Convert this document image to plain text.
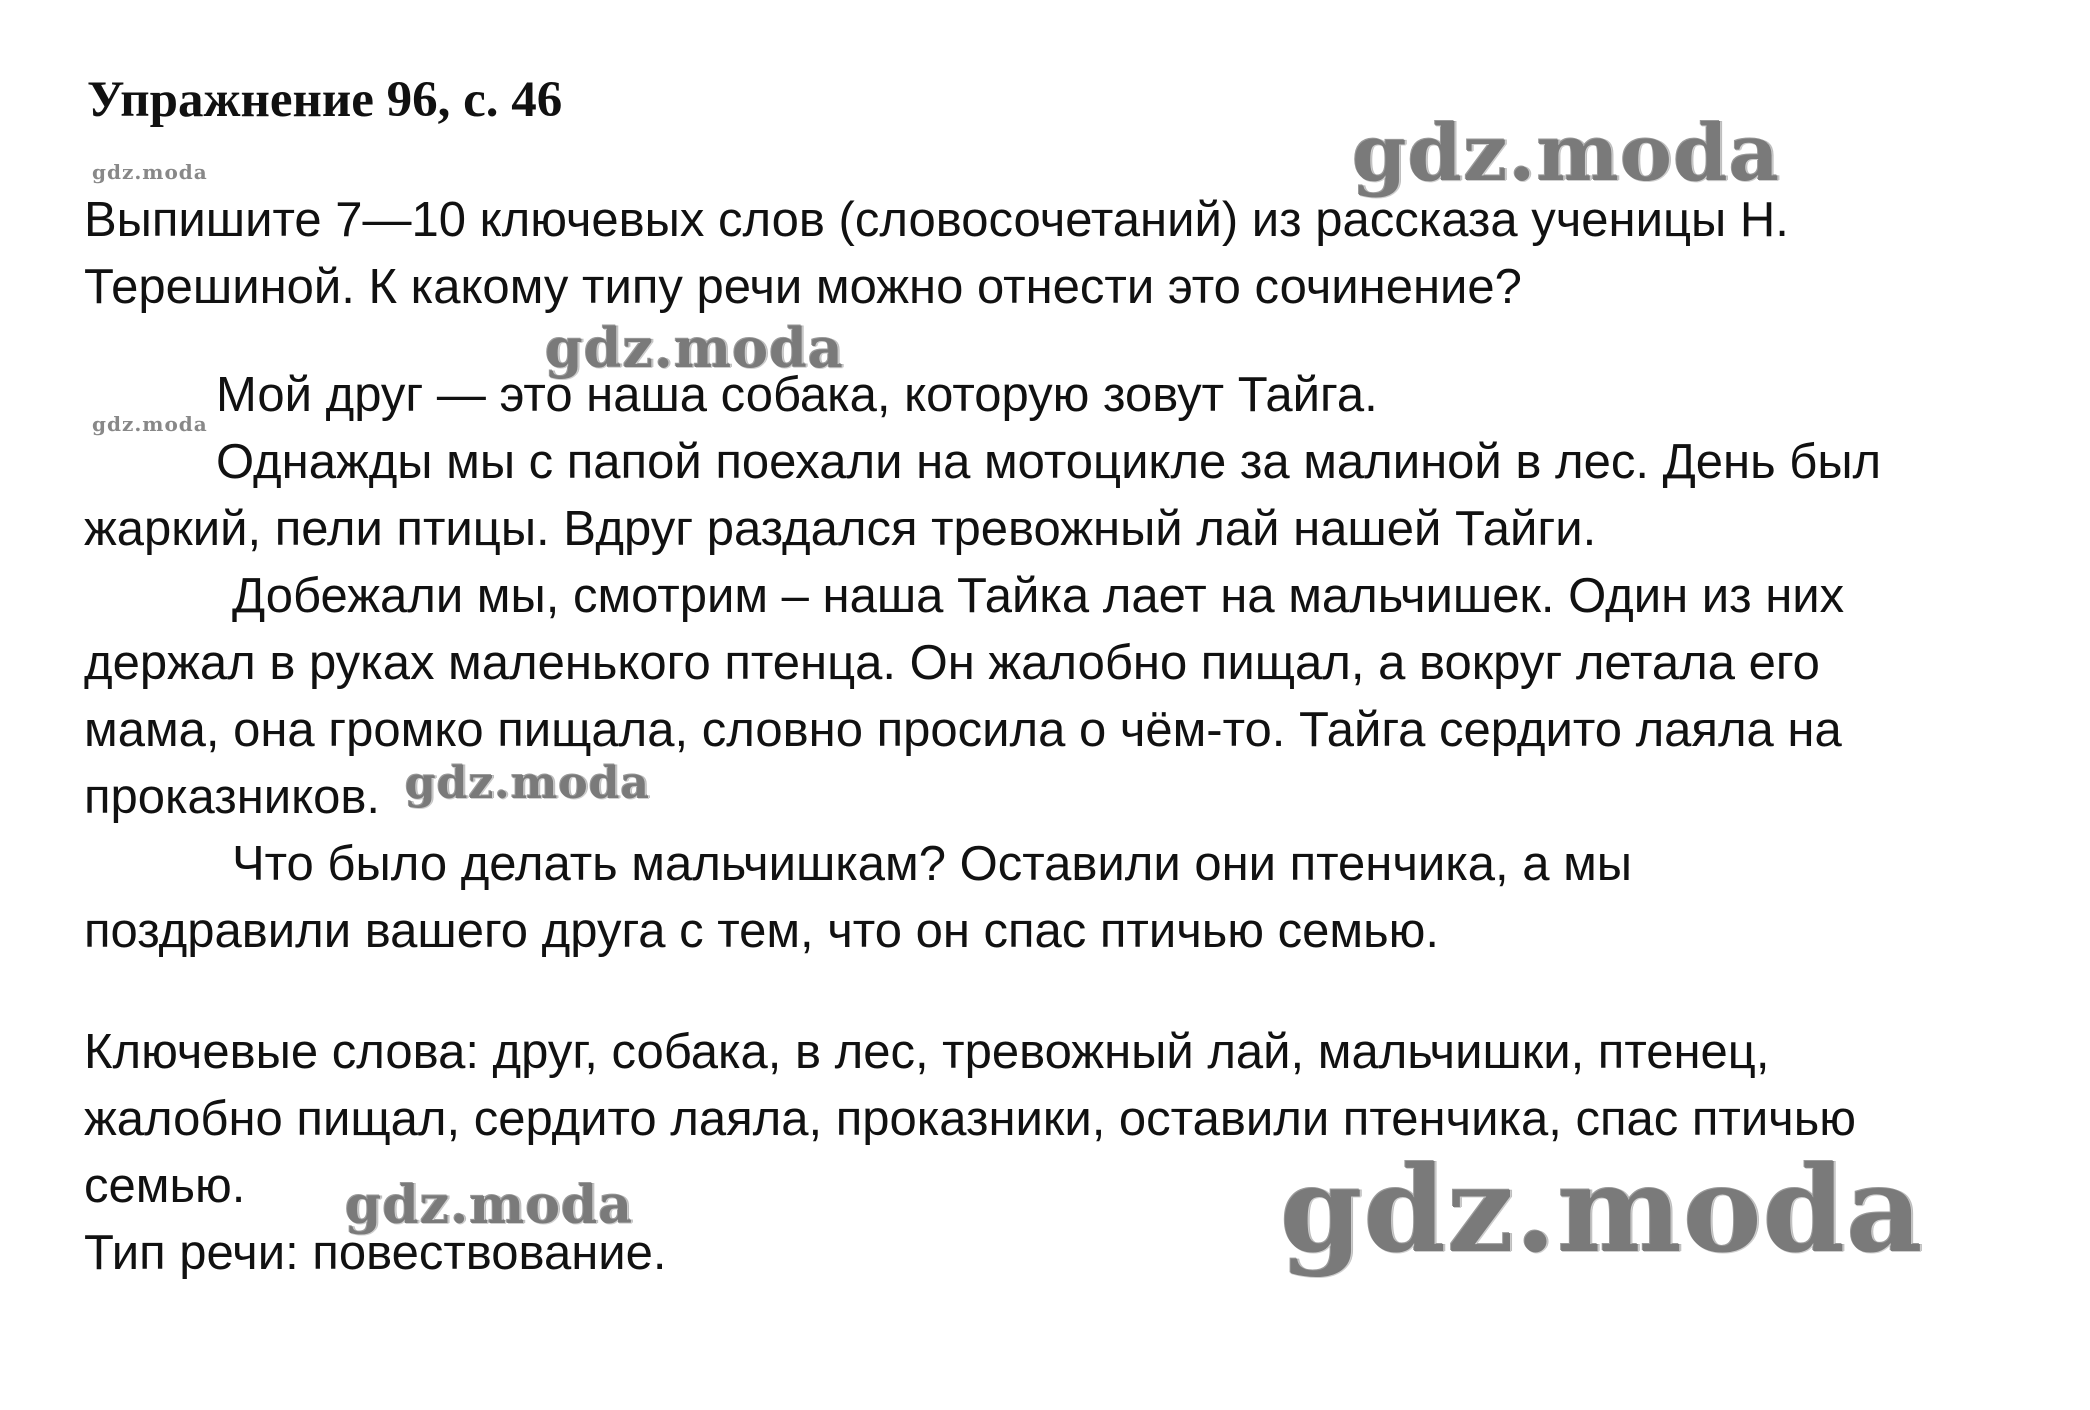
Упражнение 96, с. 46
Выпишите 7—10 ключевых слов (словосочетаний) из рассказа ученицы Н.
Терешиной. К какому типу речи можно отнести это сочинение?
Мой друг — это наша собака, которую зовут Тайга.
Однажды мы с папой поехали на мотоцикле за малиной в лес. День был
жаркий, пели птицы. Вдруг раздался тревожный лай нашей Тайги.
Добежали мы, смотрим – наша Тайка лает на мальчишек. Один из них
держал в руках маленького птенца. Он жалобно пищал, а вокруг летала его
мама, она громко пищала, словно просила о чём-то. Тайга сердито лаяла на
проказников.
Что было делать мальчишкам? Оставили они птенчика, а мы
поздравили вашего друга с тем, что он спас птичью семью.
Ключевые слова: друг, собака, в лес, тревожный лай, мальчишки, птенец,
жалобно пищал, сердито лаяла, проказники, оставили птенчика, спас птичью
семью.
Тип речи: повествование.
gdz.moda
gdz.moda
gdz.moda
gdz.moda
gdz.moda
gdz.moda	gdz.moda
